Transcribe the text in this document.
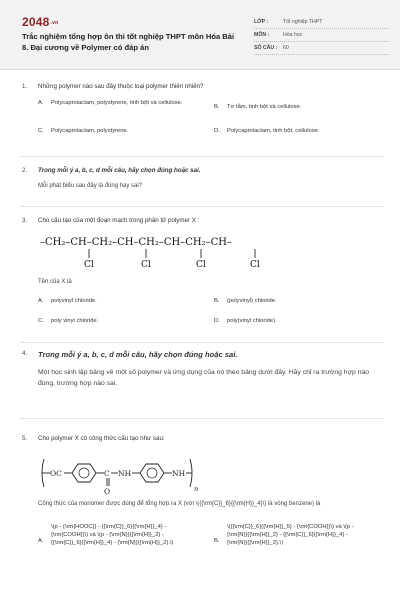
2048.vn
Trắc nghiệm tổng hợp ôn thi tốt nghiệp THPT môn Hóa Bài 8. Đại cương về Polymer có đáp án
LỚP :	Tốt nghiệp THPT
MÔN :	Hóa học
SỐ CÂU :	60
1.	Những polymer nào sau đây thuộc loại polymer thiên nhiên?
A.	Polycaprolactam, polystyrene, tinh bột và cellulose.
B.	Tơ tằm, tinh bột và cellulose.
C.	Polycaprolactam, polystyrene.	D.	Polycaprolactam, tinh bột, cellulose.
2.	Trong mỗi ý a, b, c, d mỗi câu, hãy chọn đúng hoặc sai.
Mỗi phát biểu sau đây là đúng hay sai?
3.	Cho cấu tạo của một đoạn mạch trong phân tử polymer X :
–CH₂–CH–CH₂–CH–CH₂–CH–CH₂–CH–
Cl	Cl	Cl	Cl
Tên của X là
A.	polyvinyl chloride.	B.	(polyvinyl) chloride.
C.	poly vinyl chloride.	D.	poly(vinyl chloride).
4.	Trong mỗi ý a, b, c, d mỗi câu, hãy chọn đúng hoặc sai.
Một học sinh lập bảng về một số polymer và ứng dụng của nó theo bảng dưới đây. Hãy chỉ ra trường hợp nào đúng, trường hợp nào sai.
5.	Cho polymer X có công thức cấu tạo như sau:
OC	C
O
NH	NH
n
Công thức của monomer được dùng để tổng hợp ra X (với \({{\rm{C}}_6}{{\rm{H}}_4}\) là vòng benzene) là
A.
\(p - {\rm{HOOC}} - {{\rm{C}}_6}{{\rm{H}}_4} - {\rm{COOH}}\) và \(p - {\rm{N}}{{\rm{H}}_2} - {{\rm{C}}_6}{{\rm{H}}_4} - {\rm{N}}{{\rm{H}}_2}.\)	B.
\({{\rm{C}}_6}{{\rm{H}}_5} - {\rm{COOH}}\) và \(p - {\rm{N}}{{\rm{H}}_2} - {{\rm{C}}_6}{{\rm{H}}_4} - {\rm{N}}{{\rm{H}}_2}.\)
